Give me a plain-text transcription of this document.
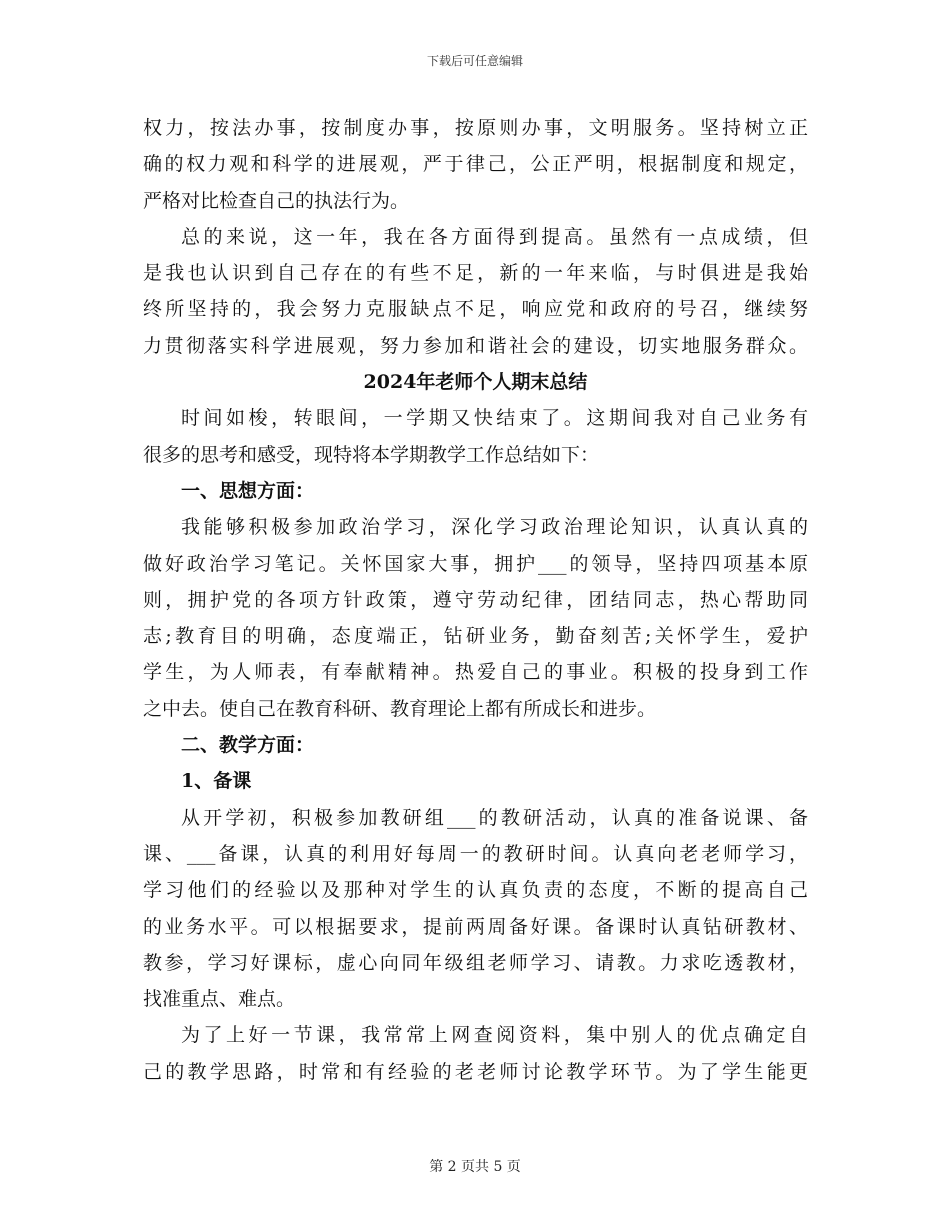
下载后可任意编辑
权力，按法办事，按制度办事，按原则办事，文明服务。坚持树立正
确的权力观和科学的进展观，严于律己，公正严明，根据制度和规定，
严格对比检查自己的执法行为。
总的来说，这一年，我在各方面得到提高。虽然有一点成绩，但
是我也认识到自己存在的有些不足，新的一年来临，与时俱进是我始
终所坚持的，我会努力克服缺点不足，响应党和政府的号召，继续努
力贯彻落实科学进展观，努力参加和谐社会的建设，切实地服务群众。
2024年老师个人期末总结
时间如梭，转眼间，一学期又快结束了。这期间我对自己业务有
很多的思考和感受，现特将本学期教学工作总结如下：
一、思想方面：
我能够积极参加政治学习，深化学习政治理论知识，认真认真的
做好政治学习笔记。关怀国家大事，拥护___的领导，坚持四项基本原
则，拥护党的各项方针政策，遵守劳动纪律，团结同志，热心帮助同
志;教育目的明确，态度端正，钻研业务，勤奋刻苦;关怀学生，爱护
学生，为人师表，有奉献精神。热爱自己的事业。积极的投身到工作
之中去。使自己在教育科研、教育理论上都有所成长和进步。
二、教学方面：
1、备课
从开学初，积极参加教研组___的教研活动，认真的准备说课、备
课、___备课，认真的利用好每周一的教研时间。认真向老老师学习，
学习他们的经验以及那种对学生的认真负责的态度，不断的提高自己
的业务水平。可以根据要求，提前两周备好课。备课时认真钻研教材、
教参，学习好课标，虚心向同年级组老师学习、请教。力求吃透教材，
找准重点、难点。
为了上好一节课，我常常上网查阅资料，集中别人的优点确定自
己的教学思路，时常和有经验的老老师讨论教学环节。为了学生能更
第 2 页共 5 页
